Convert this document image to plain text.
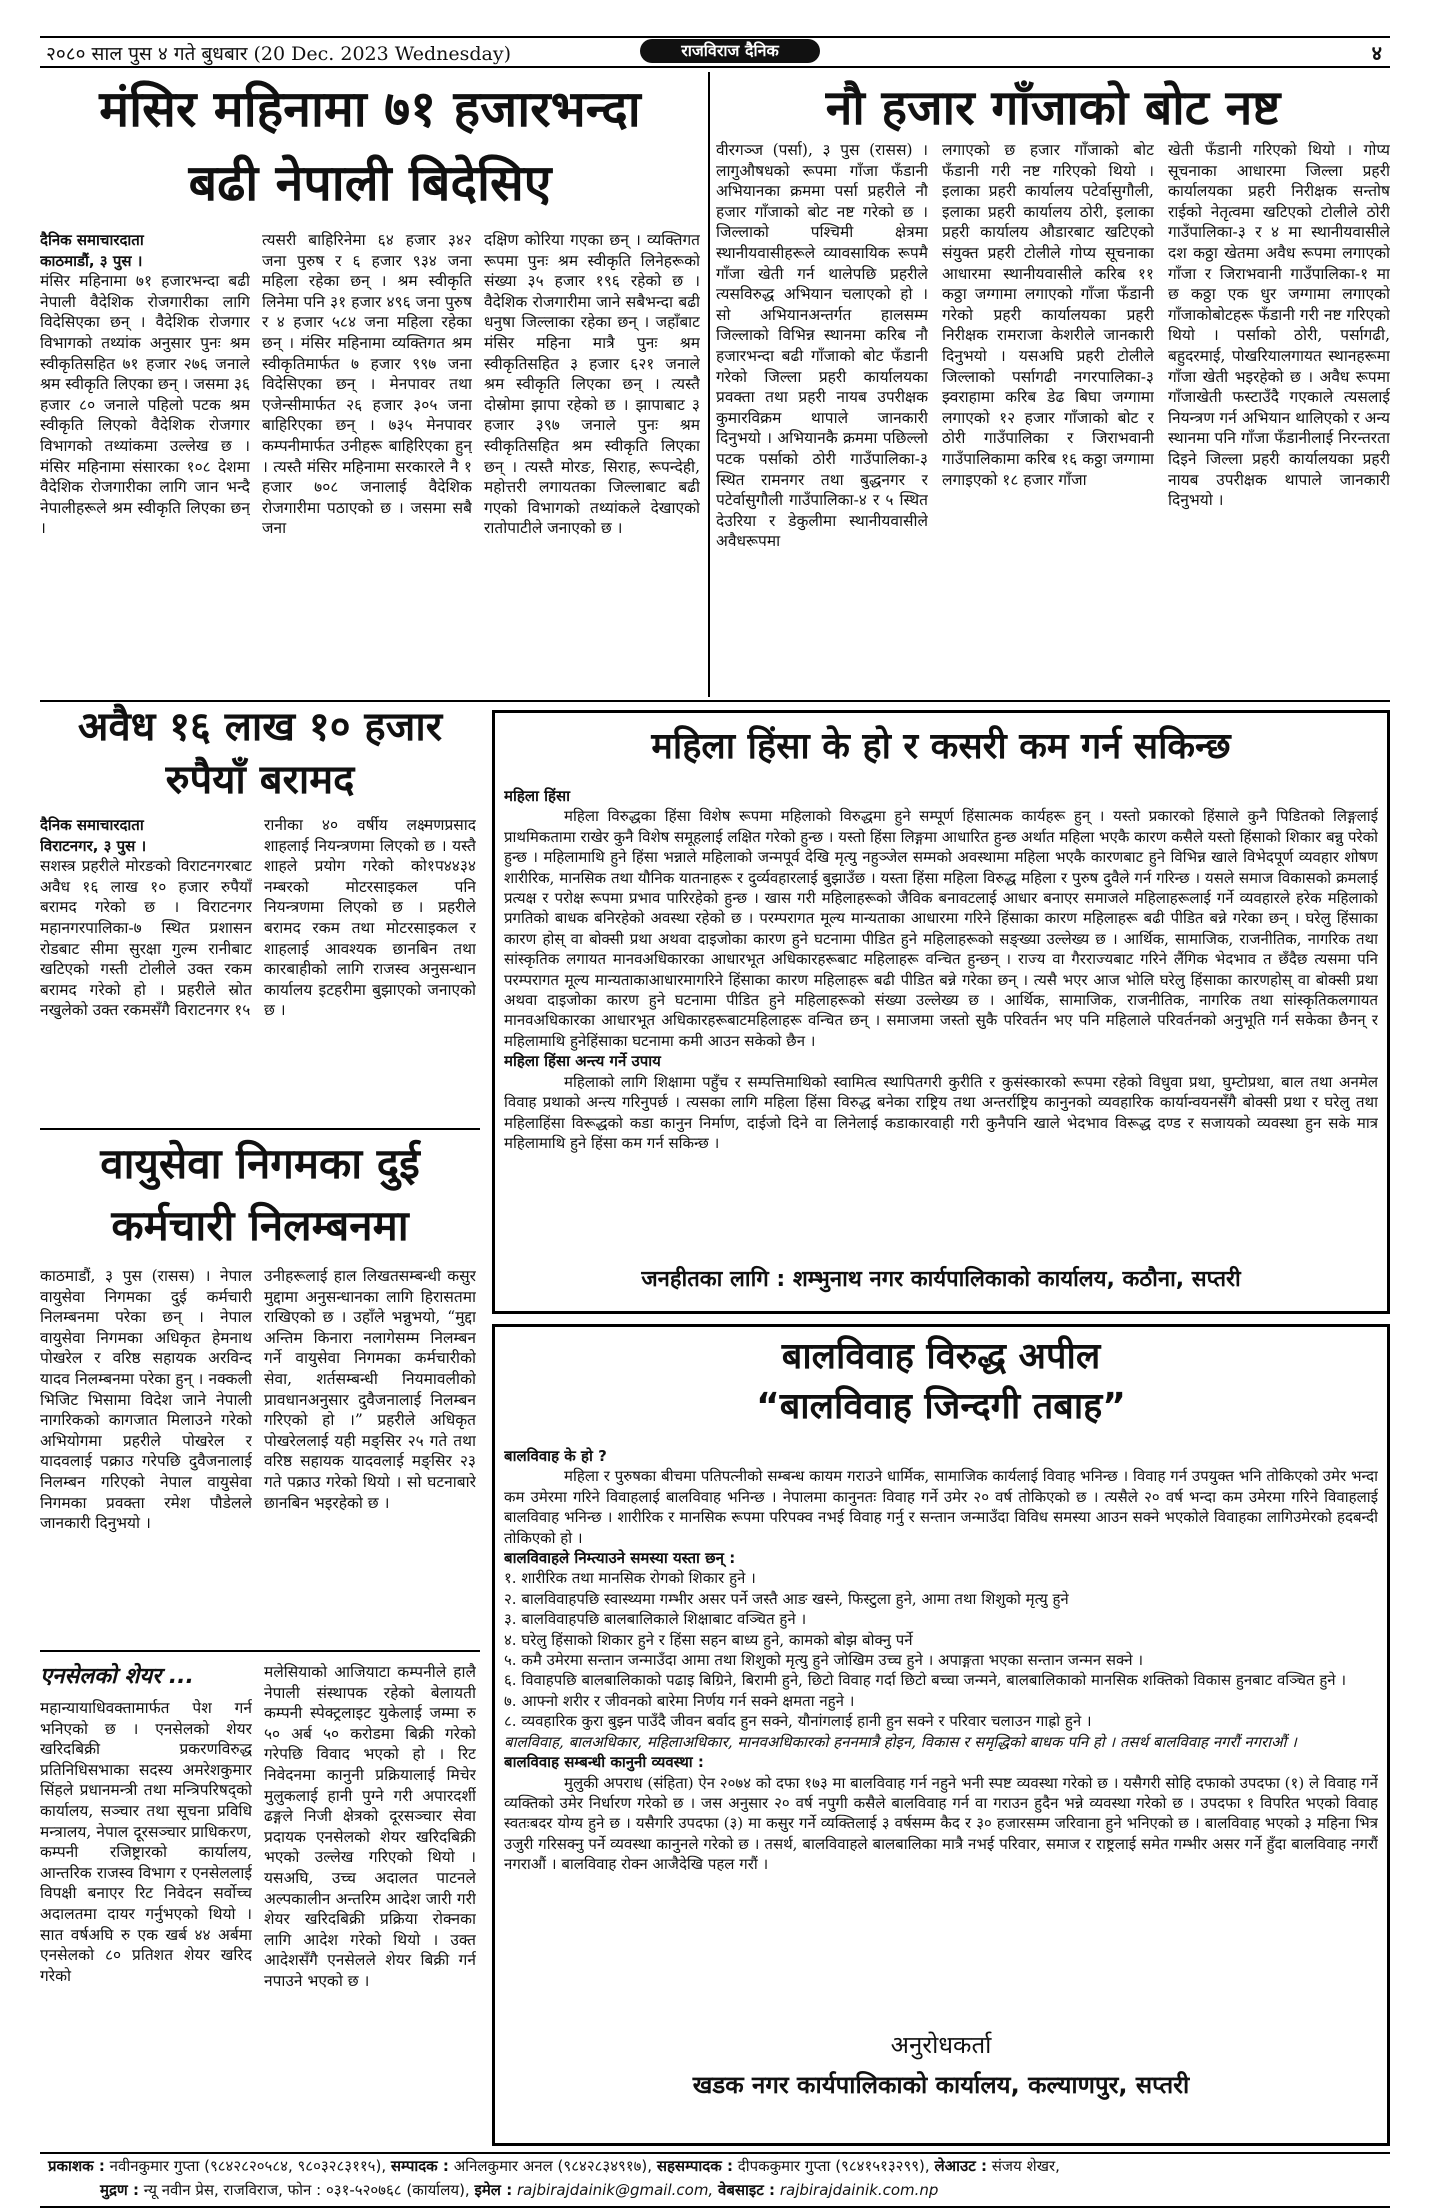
२०८० साल पुस ४ गते बुधबार (20 Dec. 2023 Wednesday)	राजविराज दैनिक	४
मंसिर महिनामा ७१ हजारभन्दा
बढी नेपाली बिदेसिए
दैनिक समाचारदाता
काठमाडौं, ३ पुस ।
मंसिर महिनामा ७१ हजारभन्दा बढी नेपाली वैदेशिक रोजगारीका लागि विदेसिएका छन् । वैदेशिक रोजगार विभागको तथ्यांक अनुसार पुनः श्रम स्वीकृतिसहित ७१ हजार २७६ जनाले श्रम स्वीकृति लिएका छन् । जसमा ३६ हजार ८० जनाले पहिलो पटक श्रम स्वीकृति लिएको वैदेशिक रोजगार विभागको तथ्यांकमा उल्लेख छ । मंसिर महिनामा संसारका १०८ देशमा वैदेशिक रोजगारीका लागि जान भन्दै नेपालीहरूले श्रम स्वीकृति लिएका छन् ।
त्यसरी बाहिरिनेमा ६४ हजार ३४२ जना पुरुष र ६ हजार ९३४ जना महिला रहेका छन् । श्रम स्वीकृति लिनेमा पनि ३१ हजार ४९६ जना पुरुष र ४ हजार ५८४ जना महिला रहेका छन् । मंसिर महिनामा व्यक्तिगत श्रम स्वीकृतिमार्फत ७ हजार ९९७ जना विदेसिएका छन् । मेनपावर तथा एजेन्सीमार्फत २६ हजार ३०५ जना बाहिरिएका छन् । ७३५ मेनपावर कम्पनीमार्फत उनीहरू बाहिरिएका हुन् । त्यस्तै मंसिर महिनामा सरकारले नै १ हजार ७०८ जनालाई वैदेशिक रोजगारीमा पठाएको छ । जसमा सबै जना
दक्षिण कोरिया गएका छन् । व्यक्तिगत रूपमा पुनः श्रम स्वीकृति लिनेहरूको संख्या ३५ हजार १९६ रहेको छ । वैदेशिक रोजगारीमा जाने सबैभन्दा बढी धनुषा जिल्लाका रहेका छन् । जहाँबाट मंसिर महिना मात्रै पुनः श्रम स्वीकृतिसहित ३ हजार ६२१ जनाले श्रम स्वीकृति लिएका छन् । त्यस्तै दोस्रोमा झापा रहेको छ । झापाबाट ३ हजार ३९७ जनाले पुनः श्रम स्वीकृतिसहित श्रम स्वीकृति लिएका छन् । त्यस्तै मोरङ, सिराह, रूपन्देही, महोत्तरी लगायतका जिल्लाबाट बढी गएको विभागको तथ्यांकले देखाएको रातोपाटीले जनाएको छ ।
नौ हजार गाँजाको बोट नष्ट
वीरगञ्ज (पर्सा), ३ पुस (रासस) । लागुऔषधको रूपमा गाँजा फँडानी अभियानका क्रममा पर्सा प्रहरीले नौ हजार गाँजाको बोट नष्ट गरेको छ । जिल्लाको पश्चिमी क्षेत्रमा स्थानीयवासीहरूले व्यावसायिक रूपमै गाँजा खेती गर्न थालेपछि प्रहरीले त्यसविरुद्ध अभियान चलाएको हो । सो अभियानअन्तर्गत हालसम्म जिल्लाको विभिन्न स्थानमा करिब नौ हजारभन्दा बढी गाँजाको बोट फँडानी गरेको जिल्ला प्रहरी कार्यालयका प्रवक्ता तथा प्रहरी नायब उपरीक्षक कुमारविक्रम थापाले जानकारी दिनुभयो । अभियानकै क्रममा पछिल्लो पटक पर्साको ठोरी गाउँपालिका-३ स्थित रामनगर तथा बुद्धनगर र पटेर्वासुगौली गाउँपालिका-४ र ५ स्थित देउरिया र डेकुलीमा स्थानीयवासीले अवैधरूपमा
लगाएको छ हजार गाँजाको बोट फँडानी गरी नष्ट गरिएको थियो । इलाका प्रहरी कार्यालय पटेर्वासुगौली, इलाका प्रहरी कार्यालय ठोरी, इलाका प्रहरी कार्यालय औडारबाट खटिएको संयुक्त प्रहरी टोलीले गोप्य सूचनाका आधारमा स्थानीयवासीले करिब ११ कठ्ठा जग्गामा लगाएको गाँजा फँडानी गरेको प्रहरी कार्यालयका प्रहरी निरीक्षक रामराजा केशरीले जानकारी दिनुभयो । यसअघि प्रहरी टोलीले जिल्लाको पर्सागढी नगरपालिका-३ झ्वराहामा करिब डेढ बिघा जग्गामा लगाएको १२ हजार गाँजाको बोट र ठोरी गाउँपालिका र जिराभवानी गाउँपालिकामा करिब १६ कठ्ठा जग्गामा लगाइएको १८ हजार गाँजा
खेती फँडानी गरिएको थियो । गोप्य सूचनाका आधारमा जिल्ला प्रहरी कार्यालयका प्रहरी निरीक्षक सन्तोष राईको नेतृत्वमा खटिएको टोलीले ठोरी गाउँपालिका-३ र ४ मा स्थानीयवासीले दश कठ्ठा खेतमा अवैध रूपमा लगाएको गाँजा र जिराभवानी गाउँपालिका-१ मा छ कठ्ठा एक धुर जग्गामा लगाएको गाँजाकोबोटहरू फँडानी गरी नष्ट गरिएको थियो । पर्साको ठोरी, पर्सागढी, बहुदरमाई, पोखरियालगायत स्थानहरूमा गाँजा खेती भइरहेको छ । अवैध रूपमा गाँजाखेती फस्टाउँदै गएकाले त्यसलाई नियन्त्रण गर्न अभियान थालिएको र अन्य स्थानमा पनि गाँजा फँडानीलाई निरन्तरता दिइने जिल्ला प्रहरी कार्यालयका प्रहरी नायब उपरीक्षक थापाले जानकारी दिनुभयो ।
अवैध १६ लाख १० हजार
रुपैयाँ बरामद
दैनिक समाचारदाता
विराटनगर, ३ पुस ।
सशस्त्र प्रहरीले मोरङको विराटनगरबाट अवैध १६ लाख १० हजार रुपैयाँ बरामद गरेको छ । विराटनगर महानगरपालिका-७ स्थित प्रशासन रोडबाट सीमा सुरक्षा गुल्म रानीबाट खटिएको गस्ती टोलीले उक्त रकम बरामद गरेको हो । प्रहरीले स्रोत नखुलेको उक्त रकमसँगै विराटनगर १५
रानीका ४० वर्षीय लक्ष्मणप्रसाद शाहलाई नियन्त्रणमा लिएको छ । यस्तै शाहले प्रयोग गरेको को१प४४३४ नम्बरको मोटरसाइकल पनि नियन्त्रणमा लिएको छ । प्रहरीले बरामद रकम तथा मोटरसाइकल र शाहलाई आवश्यक छानबिन तथा कारबाहीको लागि राजस्व अनुसन्धान कार्यालय इटहरीमा बुझाएको जनाएको छ ।
वायुसेवा निगमका दुई
कर्मचारी निलम्बनमा
काठमाडौं, ३ पुस (रासस) । नेपाल वायुसेवा निगमका दुई कर्मचारी निलम्बनमा परेका छन् । नेपाल वायुसेवा निगमका अधिकृत हेमनाथ पोखरेल र वरिष्ठ सहायक अरविन्द यादव निलम्बनमा परेका हुन् । नक्कली भिजिट भिसामा विदेश जाने नेपाली नागरिकको कागजात मिलाउने गरेको अभियोगमा प्रहरीले पोखरेल र यादवलाई पक्राउ गरेपछि दुवैजनालाई निलम्बन गरिएको नेपाल वायुसेवा निगमका प्रवक्ता रमेश पौडेलले जानकारी दिनुभयो ।
उनीहरूलाई हाल लिखतसम्बन्धी कसुर मुद्दामा अनुसन्धानका लागि हिरासतमा राखिएको छ । उहाँले भन्नुभयो, “मुद्दा अन्तिम किनारा नलागेसम्म निलम्बन गर्ने वायुसेवा निगमका कर्मचारीको सेवा, शर्तसम्बन्धी नियमावलीको प्रावधानअनुसार दुवैजनालाई निलम्बन गरिएको हो ।” प्रहरीले अधिकृत पोखरेललाई यही मङ्सिर २५ गते तथा वरिष्ठ सहायक यादवलाई मङ्सिर २३ गते पक्राउ गरेको थियो । सो घटनाबारे छानबिन भइरहेको छ ।
एनसेलको शेयर ...
महान्यायाधिवक्तामार्फत पेश गर्न भनिएको छ । एनसेलको शेयर खरिदबिक्री प्रकरणविरुद्ध प्रतिनिधिसभाका सदस्य अमरेशकुमार सिंहले प्रधानमन्त्री तथा मन्त्रिपरिषद्को कार्यालय, सञ्चार तथा सूचना प्रविधि मन्त्रालय, नेपाल दूरसञ्चार प्राधिकरण, कम्पनी रजिष्ट्रारको कार्यालय, आन्तरिक राजस्व विभाग र एनसेललाई विपक्षी बनाएर रिट निवेदन सर्वोच्च अदालतमा दायर गर्नुभएको थियो । सात वर्षअघि रु एक खर्ब ४४ अर्बमा एनसेलको ८० प्रतिशत शेयर खरिद गरेको
मलेसियाको आजियाटा कम्पनीले हालै नेपाली संस्थापक रहेको बेलायती कम्पनी स्पेक्ट्रलाइट युकेलाई जम्मा रु ५० अर्ब ५० करोडमा बिक्री गरेको गरेपछि विवाद भएको हो । रिट निवेदनमा कानुनी प्रक्रियालाई मिचेर मुलुकलाई हानी पुग्ने गरी अपारदर्शी ढङ्गले निजी क्षेत्रको दूरसञ्चार सेवा प्रदायक एनसेलको शेयर खरिदबिक्री भएको उल्लेख गरिएको थियो । यसअघि, उच्च अदालत पाटनले अल्पकालीन अन्तरिम आदेश जारी गरी शेयर खरिदबिक्री प्रक्रिया रोक्नका लागि आदेश गरेको थियो । उक्त आदेशसँगै एनसेलले शेयर बिक्री गर्न नपाउने भएको छ ।
महिला हिंसा के हो र कसरी कम गर्न सकिन्छ
महिला हिंसा

महिला विरुद्धका हिंसा विशेष रूपमा महिलाको विरुद्धमा हुने सम्पूर्ण हिंसात्मक कार्यहरू हुन् । यस्तो प्रकारको हिंसाले कुनै पिडितको लिङ्गलाई प्राथमिकतामा राखेर कुनै विशेष समूहलाई लक्षित गरेको हुन्छ । यस्तो हिंसा लिङ्गमा आधारित हुन्छ अर्थात महिला भएकै कारण कसैले यस्तो हिंसाको शिकार बन्नु परेको हुन्छ । महिलामाथि हुने हिंसा भन्नाले महिलाको जन्मपूर्व देखि मृत्यु नहुञ्जेल सम्मको अवस्थामा महिला भएकै कारणबाट हुने विभिन्न खाले विभेदपूर्ण व्यवहार शोषण शारीरिक, मानसिक तथा यौनिक यातनाहरू र दुर्व्यवहारलाई बुझाउँछ । यस्ता हिंसा महिला विरुद्ध महिला र पुरुष दुवैले गर्न गरिन्छ । यसले समाज विकासको क्रमलाई प्रत्यक्ष र परोक्ष रूपमा प्रभाव पारिरहेको हुन्छ । खास गरी महिलाहरूको जैविक बनावटलाई आधार बनाएर समाजले महिलाहरूलाई गर्ने व्यवहारले हरेक महिलाको प्रगतिको बाधक बनिरहेको अवस्था रहेको छ । परम्परागत मूल्य मान्यताका आधारमा गरिने हिंसाका कारण महिलाहरू बढी पीडित बन्ने गरेका छन् । घरेलु हिंसाका कारण होस् वा बोक्सी प्रथा अथवा दाइजोका कारण हुने घटनामा पीडित हुने महिलाहरूको सङ्ख्या उल्लेख्य छ । आर्थिक, सामाजिक, राजनीतिक, नागरिक तथा सांस्कृतिक लगायत मानवअधिकारका आधारभूत अधिकारहरूबाट महिलाहरू वन्चित हुन्छन् । राज्य वा गैरराज्यबाट गरिने लैंगिक भेदभाव त छँदैछ त्यसमा पनि परम्परागत मूल्य मान्यताकाआधारमागरिने हिंसाका कारण महिलाहरू बढी पीडित बन्ने गरेका छन् । त्यसै भएर आज भोलि घरेलु हिंसाका कारणहोस् वा बोक्सी प्रथा अथवा दाइजोका कारण हुने घटनामा पीडित हुने महिलाहरूको संख्या उल्लेख्य छ । आर्थिक, सामाजिक, राजनीतिक, नागरिक तथा सांस्कृतिकलगायत मानवअधिकारका आधारभूत अधिकारहरूबाटमहिलाहरू वन्चित छन् । समाजमा जस्तो सुकै परिवर्तन भए पनि महिलाले परिवर्तनको अनुभूति गर्न सकेका छैनन् र महिलामाथि हुनेहिंसाका घटनामा कमी आउन सकेको छैन ।

महिला हिंसा अन्त्य गर्ने उपाय

महिलाको लागि शिक्षामा पहुँच र सम्पत्तिमाथिको स्वामित्व स्थापितगरी कुरीति र कुसंस्कारको रूपमा रहेको विधुवा प्रथा, घुम्टोप्रथा, बाल तथा अनमेल विवाह प्रथाको अन्त्य गरिनुपर्छ । त्यसका लागि महिला हिंसा विरुद्ध बनेका राष्ट्रिय तथा अन्तर्राष्ट्रिय कानुनको व्यवहारिक कार्यान्वयनसँगै बोक्सी प्रथा र घरेलु तथा महिलाहिंसा विरूद्धको कडा कानुन निर्माण, दाईजो दिने वा लिनेलाई कडाकारवाही गरी कुनैपनि खाले भेदभाव विरूद्ध दण्ड र सजायको व्यवस्था हुन सके मात्र महिलामाथि हुने हिंसा कम गर्न सकिन्छ ।

जनहीतका लागि : शम्भुनाथ नगर कार्यपालिकाको कार्यालय, कठौना, सप्तरी
बालविवाह विरुद्ध अपील
“बालविवाह जिन्दगी तबाह”
बालविवाह के हो ?

महिला र पुरुषका बीचमा पतिपत्नीको सम्बन्ध कायम गराउने धार्मिक, सामाजिक कार्यलाई विवाह भनिन्छ । विवाह गर्न उपयुक्त भनि तोकिएको उमेर भन्दा कम उमेरमा गरिने विवाहलाई बालविवाह भनिन्छ । नेपालमा कानुनतः विवाह गर्ने उमेर २० वर्ष तोकिएको छ । त्यसैले २० वर्ष भन्दा कम उमेरमा गरिने विवाहलाई बालविवाह भनिन्छ । शारीरिक र मानसिक रूपमा परिपक्व नभई विवाह गर्नु र सन्तान जन्माउँदा विविध समस्या आउन सक्ने भएकोले विवाहका लागिउमेरको हदबन्दी तोकिएको हो ।

बालविवाहले निम्त्याउने समस्या यस्ता छन् :

१. शारीरिक तथा मानसिक रोगको शिकार हुने ।

२. बालविवाहपछि स्वास्थ्यमा गम्भीर असर पर्ने जस्तै आङ खस्ने, फिस्टुला हुने, आमा तथा शिशुको मृत्यु हुने

३. बालविवाहपछि बालबालिकाले शिक्षाबाट वञ्चित हुने ।

४. घरेलु हिंसाको शिकार हुने र हिंसा सहन बाध्य हुने, कामको बोझ बोक्नु पर्ने

५. कमै उमेरमा सन्तान जन्माउँदा आमा तथा शिशुको मृत्यु हुने जोखिम उच्च हुने । अपाङ्गता भएका सन्तान जन्मन सक्ने ।

६. विवाहपछि बालबालिकाको पढाइ बिग्रिने, बिरामी हुने, छिटो विवाह गर्दा छिटो बच्चा जन्मने, बालबालिकाको मानसिक शक्तिको विकास हुनबाट वञ्चित हुने ।

७. आफ्नो शरीर र जीवनको बारेमा निर्णय गर्न सक्ने क्षमता नहुने ।

८. व्यवहारिक कुरा बुझ्न पाउँदै जीवन बर्वाद हुन सक्ने, यौनांगलाई हानी हुन सक्ने र परिवार चलाउन गाह्रो हुने ।

बालविवाह, बालअधिकार, महिलाअधिकार, मानवअधिकारको हननमात्रै होइन, विकास र समृद्धिको बाधक पनि हो । तसर्थ बालविवाह नगरौं नगराऔं ।

बालविवाह सम्बन्धी कानुनी व्यवस्था :

मुलुकी अपराध (संहिता) ऐन २०७४ को दफा १७३ मा बालविवाह गर्न नहुने भनी स्पष्ट व्यवस्था गरेको छ । यसैगरी सोहि दफाको उपदफा (१) ले विवाह गर्ने व्यक्तिको उमेर निर्धारण गरेको छ । जस अनुसार २० वर्ष नपुगी कसैले बालविवाह गर्न वा गराउन हुदैन भन्ने व्यवस्था गरेको छ । उपदफा १ विपरित भएको विवाह स्वतःबदर योग्य हुने छ । यसैगरि उपदफा (३) मा कसुर गर्ने व्यक्तिलाई ३ वर्षसम्म कैद र ३० हजारसम्म जरिवाना हुने भनिएको छ । बालविवाह भएको ३ महिना भित्र उजुरी गरिसक्नु पर्ने व्यवस्था कानुनले गरेको छ । तसर्थ, बालविवाहले बालबालिका मात्रै नभई परिवार, समाज र राष्ट्रलाई समेत गम्भीर असर गर्ने हुँदा बालविवाह नगरौं नगराऔं । बालविवाह रोक्न आजैदेखि पहल गरौं ।

अनुरोधकर्ता
खडक नगर कार्यपालिकाको कार्यालय, कल्याणपुर, सप्तरी
प्रकाशक : नवीनकुमार गुप्ता (९८४२८२०५८४, ९८०३२८३११५), सम्पादक : अनिलकुमार अनल (९८४२८३४९१७), सहसम्पादक : दीपककुमार गुप्ता (९८४१५१३२९९), लेआउट : संजय शेखर,
मुद्रण : न्यू नवीन प्रेस, राजविराज, फोन : ०३१-५२०७६८ (कार्यालय), इमेल : rajbirajdainik@gmail.com, वेबसाइट : rajbirajdainik.com.np
